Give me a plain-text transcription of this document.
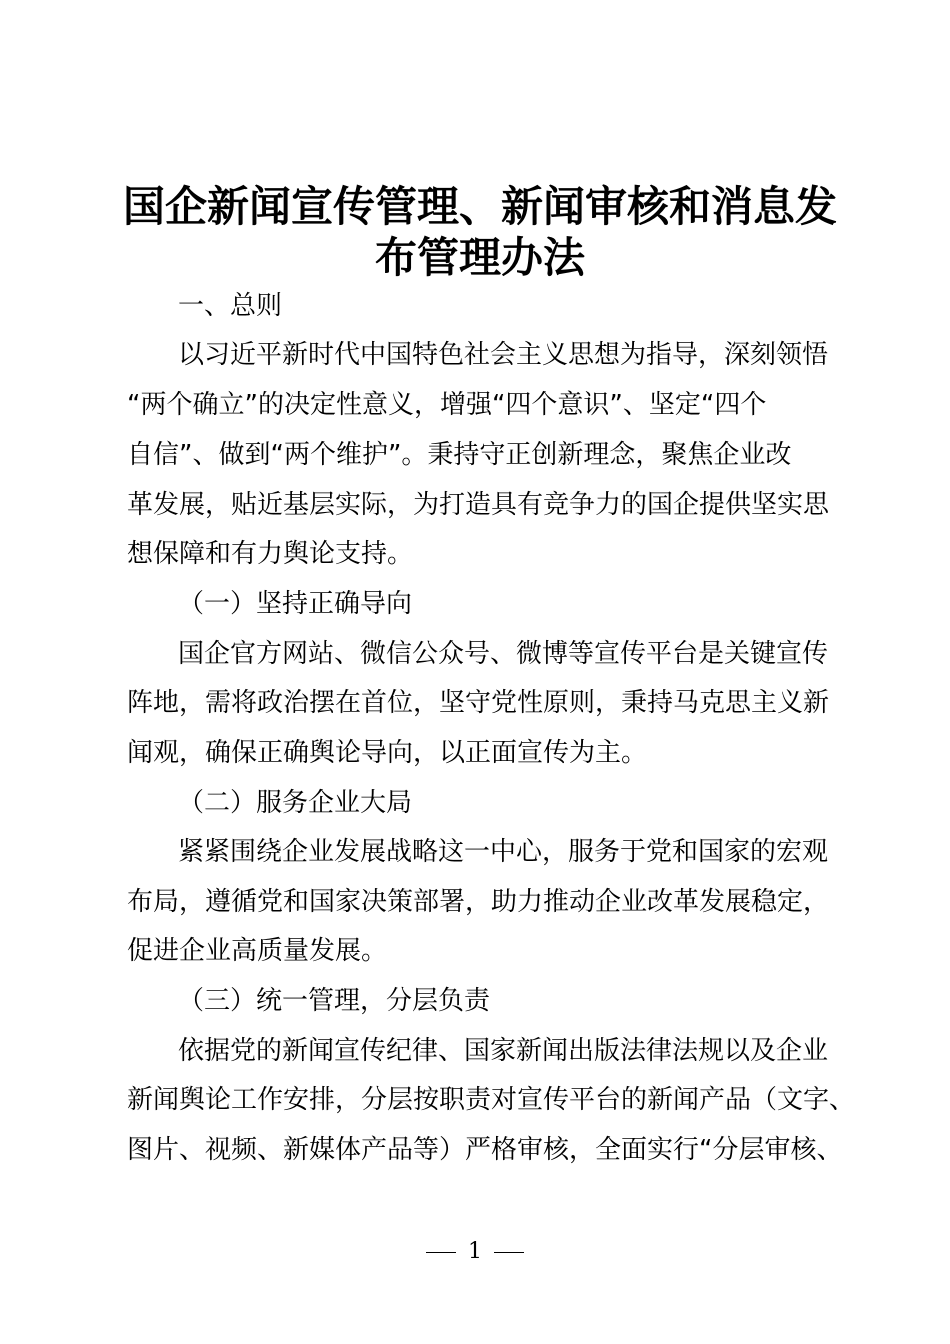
国企新闻宣传管理、新闻审核和消息发
布管理办法
一、总则
以习近平新时代中国特色社会主义思想为指导，深刻领悟
“两个确立”的决定性意义，增强“四个意识”、坚定“四个
自信”、做到“两个维护”。秉持守正创新理念，聚焦企业改
革发展，贴近基层实际，为打造具有竞争力的国企提供坚实思
想保障和有力舆论支持。
（一）坚持正确导向
国企官方网站、微信公众号、微博等宣传平台是关键宣传
阵地，需将政治摆在首位，坚守党性原则，秉持马克思主义新
闻观，确保正确舆论导向，以正面宣传为主。
（二）服务企业大局
紧紧围绕企业发展战略这一中心，服务于党和国家的宏观
布局，遵循党和国家决策部署，助力推动企业改革发展稳定，
促进企业高质量发展。
（三）统一管理，分层负责
依据党的新闻宣传纪律、国家新闻出版法律法规以及企业
新闻舆论工作安排，分层按职责对宣传平台的新闻产品（文字、
图片、视频、新媒体产品等）严格审核，全面实行“分层审核、
1
